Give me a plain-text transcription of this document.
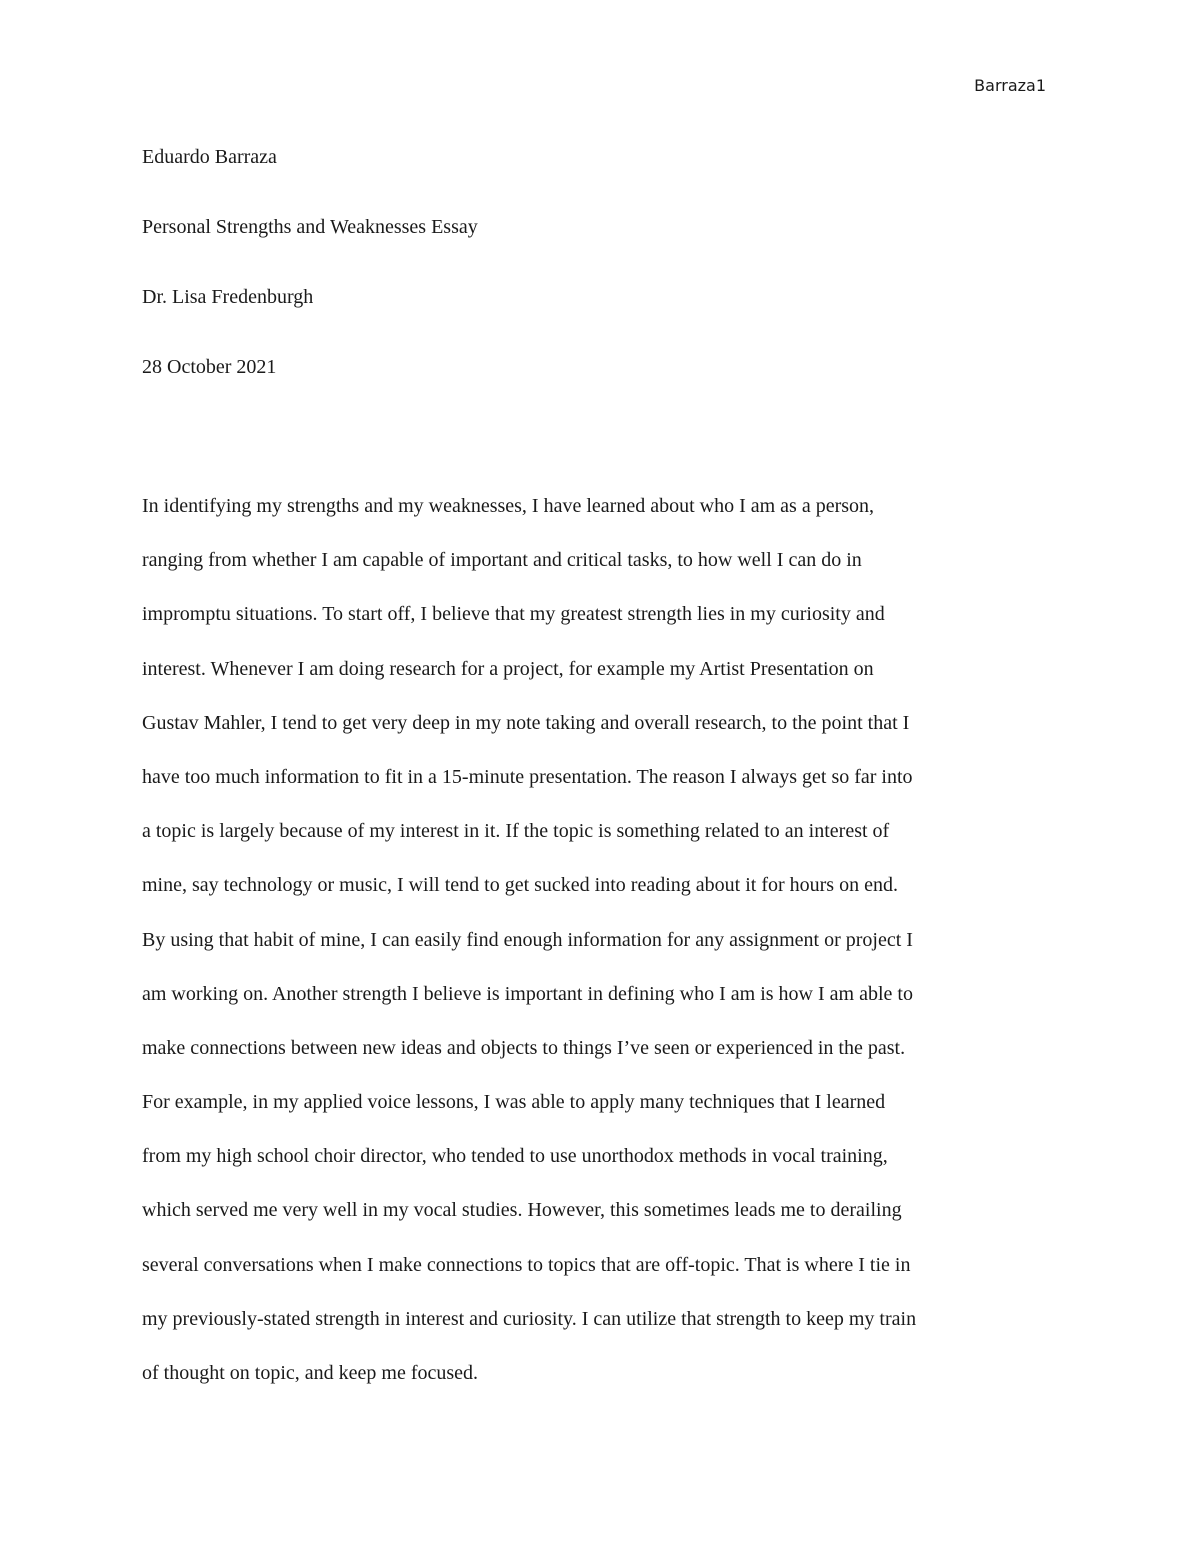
Barraza1
Eduardo Barraza
Personal Strengths and Weaknesses Essay
Dr. Lisa Fredenburgh
28 October 2021
In identifying my strengths and my weaknesses, I have learned about who I am as a person,
ranging from whether I am capable of important and critical tasks, to how well I can do in
impromptu situations. To start off, I believe that my greatest strength lies in my curiosity and
interest. Whenever I am doing research for a project, for example my Artist Presentation on
Gustav Mahler, I tend to get very deep in my note taking and overall research, to the point that I
have too much information to fit in a 15-minute presentation. The reason I always get so far into
a topic is largely because of my interest in it. If the topic is something related to an interest of
mine, say technology or music, I will tend to get sucked into reading about it for hours on end.
By using that habit of mine, I can easily find enough information for any assignment or project I
am working on. Another strength I believe is important in defining who I am is how I am able to
make connections between new ideas and objects to things I’ve seen or experienced in the past.
For example, in my applied voice lessons, I was able to apply many techniques that I learned
from my high school choir director, who tended to use unorthodox methods in vocal training,
which served me very well in my vocal studies. However, this sometimes leads me to derailing
several conversations when I make connections to topics that are off-topic. That is where I tie in
my previously-stated strength in interest and curiosity. I can utilize that strength to keep my train
of thought on topic, and keep me focused.
